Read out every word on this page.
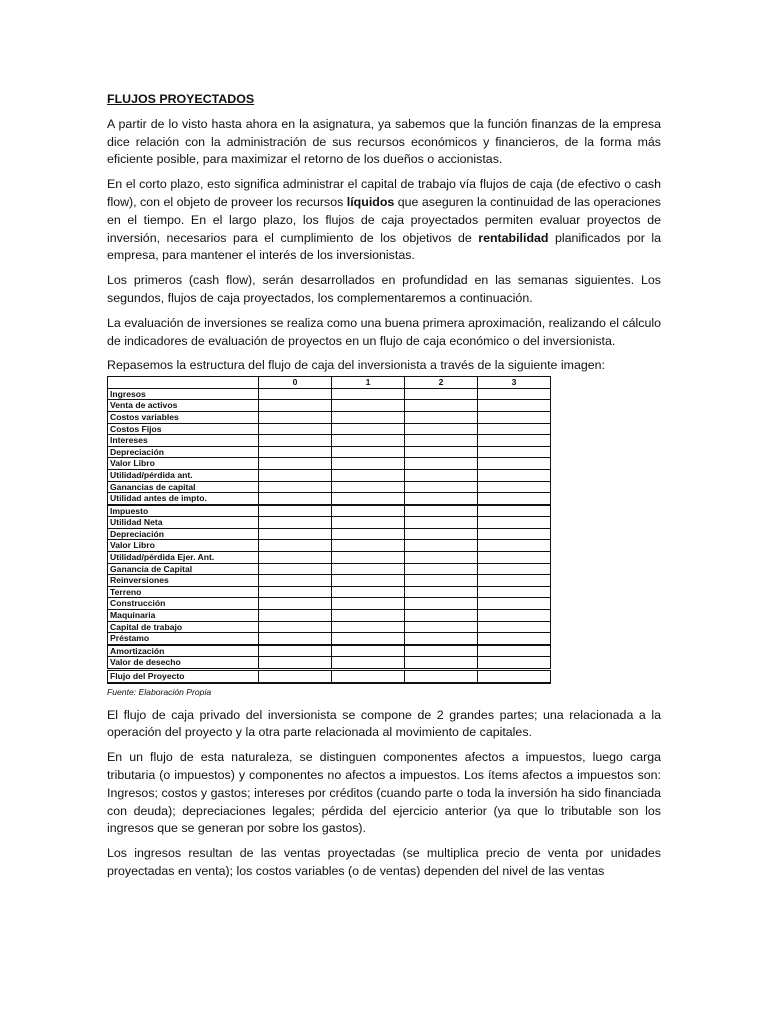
FLUJOS PROYECTADOS

A partir de lo visto hasta ahora en la asignatura, ya sabemos que la función finanzas de la empresa dice relación con la administración de sus recursos económicos y financieros, de la forma más eficiente posible, para maximizar el retorno de los dueños o accionistas.

En el corto plazo, esto significa administrar el capital de trabajo vía flujos de caja (de efectivo o cash flow), con el objeto de proveer los recursos líquidos que aseguren la continuidad de las operaciones en el tiempo. En el largo plazo, los flujos de caja proyectados permiten evaluar proyectos de inversión, necesarios para el cumplimiento de los objetivos de rentabilidad planificados por la empresa, para mantener el interés de los inversionistas.

Los primeros (cash flow), serán desarrollados en profundidad en las semanas siguientes. Los segundos, flujos de caja proyectados, los complementaremos a continuación.

La evaluación de inversiones se realiza como una buena primera aproximación, realizando el cálculo de indicadores de evaluación de proyectos en un flujo de caja económico o del inversionista.

Repasemos la estructura del flujo de caja del inversionista a través de la siguiente imagen:

	0	1	2	3
Ingresos				
Venta de activos				
Costos variables				
Costos Fijos				
Intereses				
Depreciación				
Valor Libro				
Utilidad/pérdida ant.				
Ganancias de capital				
Utilidad antes de impto.				
Impuesto				
Utilidad Neta				
Depreciación				
Valor Libro				
Utilidad/pérdida Ejer. Ant.				
Ganancia de Capital				
Reinversiones				
Terreno				
Construcción				
Maquinaria				
Capital de trabajo				
Préstamo				
Amortización				
Valor de desecho				
Flujo del Proyecto				
Fuente: Elaboración Propia

El flujo de caja privado del inversionista se compone de 2 grandes partes; una relacionada a la operación del proyecto y la otra parte relacionada al movimiento de capitales.

En un flujo de esta naturaleza, se distinguen componentes afectos a impuestos, luego carga tributaria (o impuestos) y componentes no afectos a impuestos. Los ítems afectos a impuestos son: Ingresos; costos y gastos; intereses por créditos (cuando parte o toda la inversión ha sido financiada con deuda); depreciaciones legales; pérdida del ejercicio anterior (ya que lo tributable son los ingresos que se generan por sobre los gastos).

Los ingresos resultan de las ventas proyectadas (se multiplica precio de venta por unidades proyectadas en venta); los costos variables (o de ventas) dependen del nivel de las ventas
